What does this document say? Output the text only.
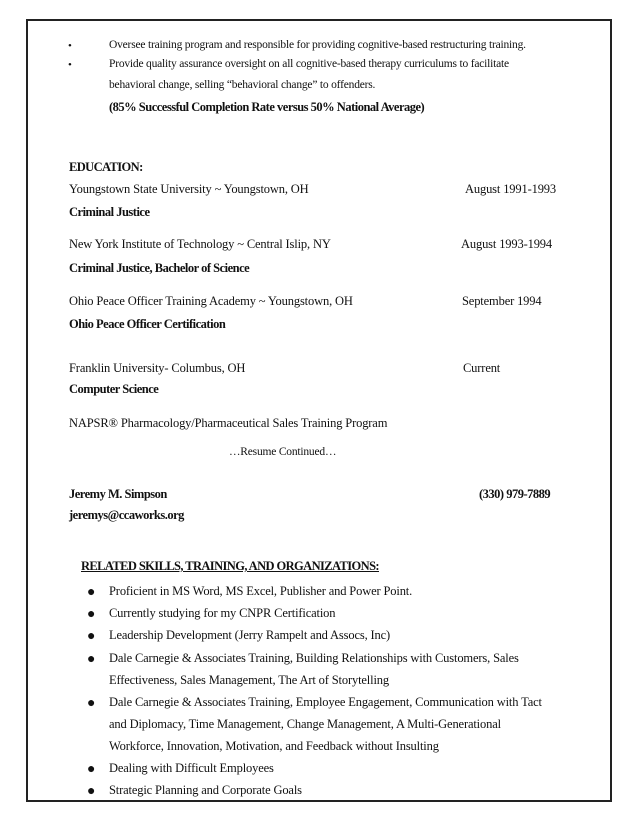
•	Oversee training program and responsible for providing cognitive-based restructuring training.
•	Provide quality assurance oversight on all cognitive-based therapy curriculums to facilitate
behavioral change, selling “behavioral change” to offenders.
(85% Successful Completion Rate versus 50% National Average)
EDUCATION:
Youngstown State University ~ Youngstown, OH	August 1991-1993
Criminal Justice
New York Institute of Technology ~ Central Islip, NY	August 1993-1994
Criminal Justice, Bachelor of Science
Ohio Peace Officer Training Academy ~ Youngstown, OH	September 1994
Ohio Peace Officer Certification
Franklin University- Columbus, OH	Current
Computer Science
NAPSR® Pharmacology/Pharmaceutical Sales Training Program
…Resume Continued…
Jeremy M. Simpson	(330) 979-7889
jeremys@ccaworks.org
RELATED SKILLS, TRAINING, AND ORGANIZATIONS:
● Proficient in MS Word, MS Excel, Publisher and Power Point.
● Currently studying for my CNPR Certification
● Leadership Development (Jerry Rampelt and Assocs, Inc)
● Dale Carnegie & Associates Training, Building Relationships with Customers, Sales
Effectiveness, Sales Management, The Art of Storytelling
● Dale Carnegie & Associates Training, Employee Engagement, Communication with Tact
and Diplomacy, Time Management, Change Management, A Multi-Generational
Workforce, Innovation, Motivation, and Feedback without Insulting
● Dealing with Difficult Employees
● Strategic Planning and Corporate Goals
